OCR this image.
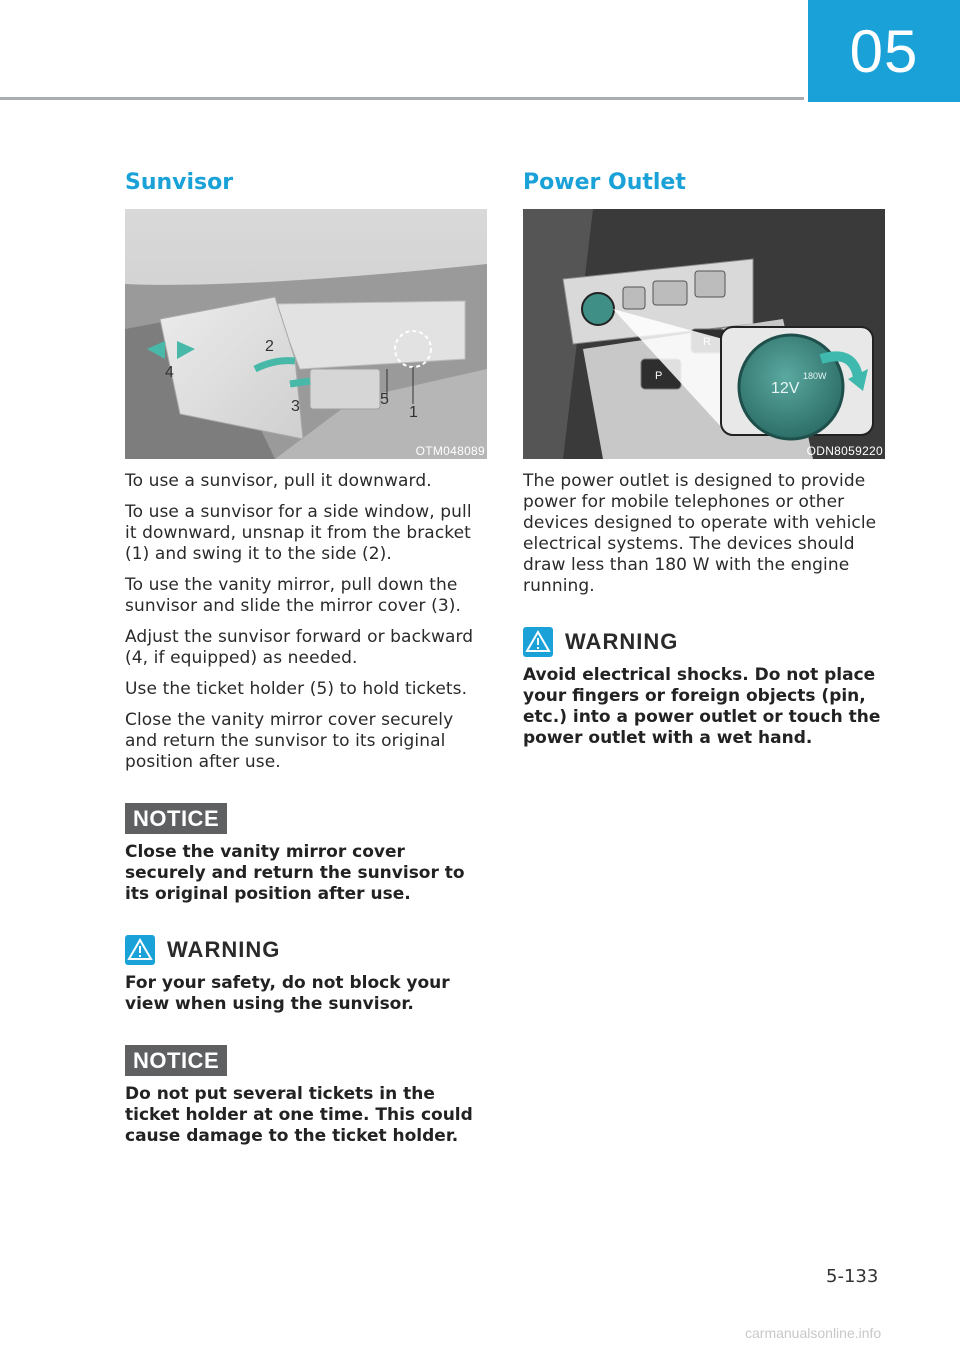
05
Sunvisor
1
2
3
4
5
OTM048089

To use a sunvisor, pull it downward.

To use a sunvisor for a side window, pull it downward, unsnap it from the bracket (1) and swing it to the side (2).

To use the vanity mirror, pull down the sunvisor and slide the mirror cover (3).

Adjust the sunvisor forward or backward (4, if equipped) as needed.

Use the ticket holder (5) to hold tickets.

Close the vanity mirror cover securely and return the sunvisor to its original position after use.

NOTICE

Close the vanity mirror cover securely and return the sunvisor to its original position after use.

WARNING

For your safety, do not block your view when using the sunvisor.

NOTICE

Do not put several tickets in the ticket holder at one time. This could cause damage to the ticket holder.

Power Outlet
P
12V
180W
ODN8059220

The power outlet is designed to provide power for mobile telephones or other devices designed to operate with vehicle electrical systems. The devices should draw less than 180 W with the engine running.

WARNING

Avoid electrical shocks. Do not place your fingers or foreign objects (pin, etc.) into a power outlet or touch the power outlet with a wet hand.

5-133
carmanualsonline.info
